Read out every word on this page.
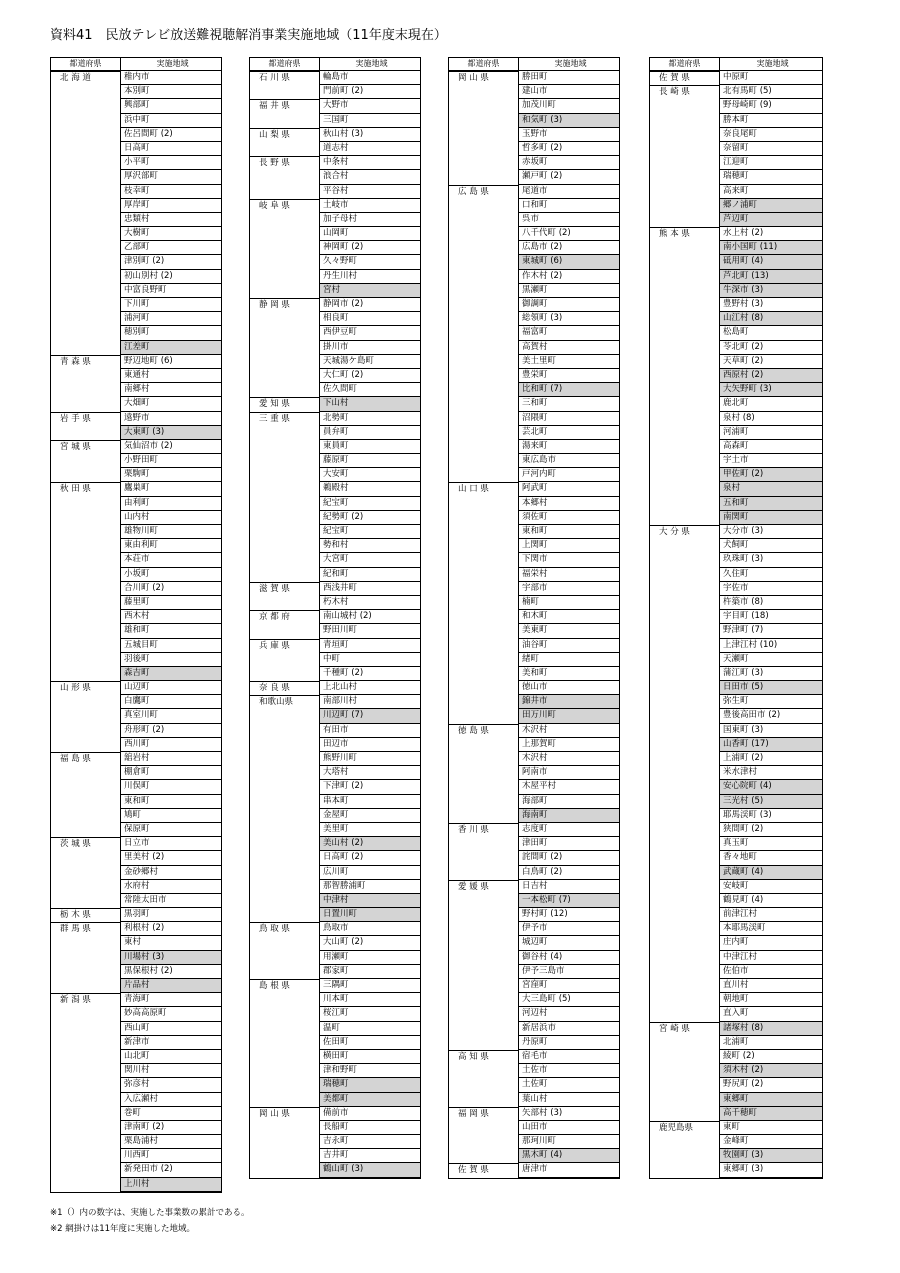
資料41　民放テレビ放送難視聴解消事業実施地域（11年度末現在）
都道府県	実施地域
北 海 道	稚内市
本別町
興部町
浜中町
佐呂間町 (2)
日高町
小平町
厚沢部町
枝幸町
厚岸町
忠類村
大樹町
乙部町
津別町 (2)
初山別村 (2)
中富良野町
下川町
浦河町
穂別町
江差町
青 森 県	野辺地町 (6)
東通村
南郷村
大畑町
岩 手 県	遠野市
大東町 (3)
宮 城 県	気仙沼市 (2)
小野田町
栗駒町
秋 田 県	鷹巣町
由利町
山内村
雄物川町
東由利町
本荘市
小坂町
合川町 (2)
藤里町
西木村
雄和町
五城目町
羽後町
森吉町
山 形 県	山辺町
白鷹町
真室川町
舟形町 (2)
西川町
福 島 県	舘岩村
棚倉町
川俣町
東和町
鳩町
保原町
茨 城 県	日立市
里美村 (2)
金砂郷村
水府村
常陸太田市
栃 木 県	黒羽町
群 馬 県	利根村 (2)
東村
川場村 (3)
黒保根村 (2)
片品村
新 潟 県	青海町
妙高高原町
西山町
新津市
山北町
関川村
弥彦村
入広瀬村
巻町
津南町 (2)
栗島浦村
川西町
新発田市 (2)
上川村
都道府県	実施地域
石 川 県	輪島市
門前町 (2)
福 井 県	大野市
三国町
山 梨 県	秋山村 (3)
道志村
長 野 県	中条村
浪合村
平谷村
岐 阜 県	土岐市
加子母村
山岡町
神岡町 (2)
久々野町
丹生川村
宮村
静 岡 県	静岡市 (2)
相良町
西伊豆町
掛川市
天城湯ケ島町
大仁町 (2)
佐久間町
愛 知 県	下山村
三 重 県	北勢町
員弁町
東員町
藤原町
大安町
鵜殿村
紀宝町
紀勢町 (2)
紀宝町
勢和村
大宮町
紀和町
滋 賀 県	西浅井町
朽木村
京 都 府	南山城村 (2)
野田川町
兵 庫 県	青垣町
中町
千種町 (2)
奈 良 県	上北山村
和歌山県	南部川村
川辺町 (7)
有田市
田辺市
熊野川町
大塔村
下津町 (2)
串本町
金屋町
美里町
美山村 (2)
日高町 (2)
広川町
那智勝浦町
中津村
日置川町
鳥 取 県	鳥取市
大山町 (2)
用瀬町
郡家町
島 根 県	三隅町
川本町
桜江町
温町
佐田町
横田町
津和野町
瑞穂町
美都町
岡 山 県	備前市
長船町
吉永町
吉井町
鶴山町 (3)
都道府県	実施地域
岡 山 県	勝田町
建山市
加茂川町
和気町 (3)
玉野市
哲多町 (2)
赤坂町
瀬戸町 (2)
広 島 県	尾道市
口和町
呉市
八千代町 (2)
広島市 (2)
東城町 (6)
作木村 (2)
黒瀬町
御調町
総領町 (3)
福富町
高賀村
美土里町
豊栄町
比和町 (7)
三和町
沼隈町
芸北町
湯来町
東広島市
戸河内町
山 口 県	阿武町
本郷村
須佐町
東和町
上関町
下関市
福栄村
宇部市
楠町
和木町
美東町
油谷町
緒町
美和町
徳山市
錦井市
田万川町
徳 島 県	木沢村
上那賀町
木沢村
阿南市
木屋平村
海部町
海南町
香 川 県	志度町
津田町
詫間町 (2)
白鳥町 (2)
愛 媛 県	日吉村
一本松町 (7)
野村町 (12)
伊予市
城辺町
御谷村 (4)
伊予三島市
宮窪町
大三島町 (5)
河辺村
新居浜市
丹原町
高 知 県	宿毛市
土佐市
土佐町
葉山村
福 岡 県	矢部村 (3)
山田市
那珂川町
黒木町 (4)
佐 賀 県	唐津市
都道府県	実施地域
佐 賀 県	中原町
長 崎 県	北有馬町 (5)
野母崎町 (9)
勝本町
奈良尾町
奈留町
江迎町
瑞穂町
高来町
郷ノ浦町
芦辺町
熊 本 県	水上村 (2)
南小国町 (11)
砥用町 (4)
芦北町 (13)
牛深市 (3)
豊野村 (3)
山江村 (8)
松島町
苓北町 (2)
天草町 (2)
西原村 (2)
大矢野町 (3)
鹿北町
泉村 (8)
河浦町
高森町
宇土市
甲佐町 (2)
泉村
五和町
南関町
大 分 県	大分市 (3)
犬飼町
玖珠町 (3)
久住町
宇佐市
杵築市 (8)
宇目町 (18)
野津町 (7)
上津江村 (10)
天瀬町
蒲江町 (3)
日田市 (5)
弥生町
豊後高田市 (2)
国東町 (3)
山香町 (17)
上浦町 (2)
米水津村
安心院町 (4)
三光村 (5)
耶馬渓町 (3)
狭間町 (2)
真玉町
香々地町
武蔵町 (4)
安岐町
鶴見町 (4)
前津江村
本耶馬渓町
庄内町
中津江村
佐伯市
直川村
朝地町
直入町
宮 崎 県	諸塚村 (8)
北浦町
綾町 (2)
須木村 (2)
野尻町 (2)
東郷町
高千穂町
鹿児島県	東町
金峰町
牧園町 (3)
東郷町 (3)
※1（）内の数字は、実施した事業数の累計である。
※2 網掛けは11年度に実施した地域。
